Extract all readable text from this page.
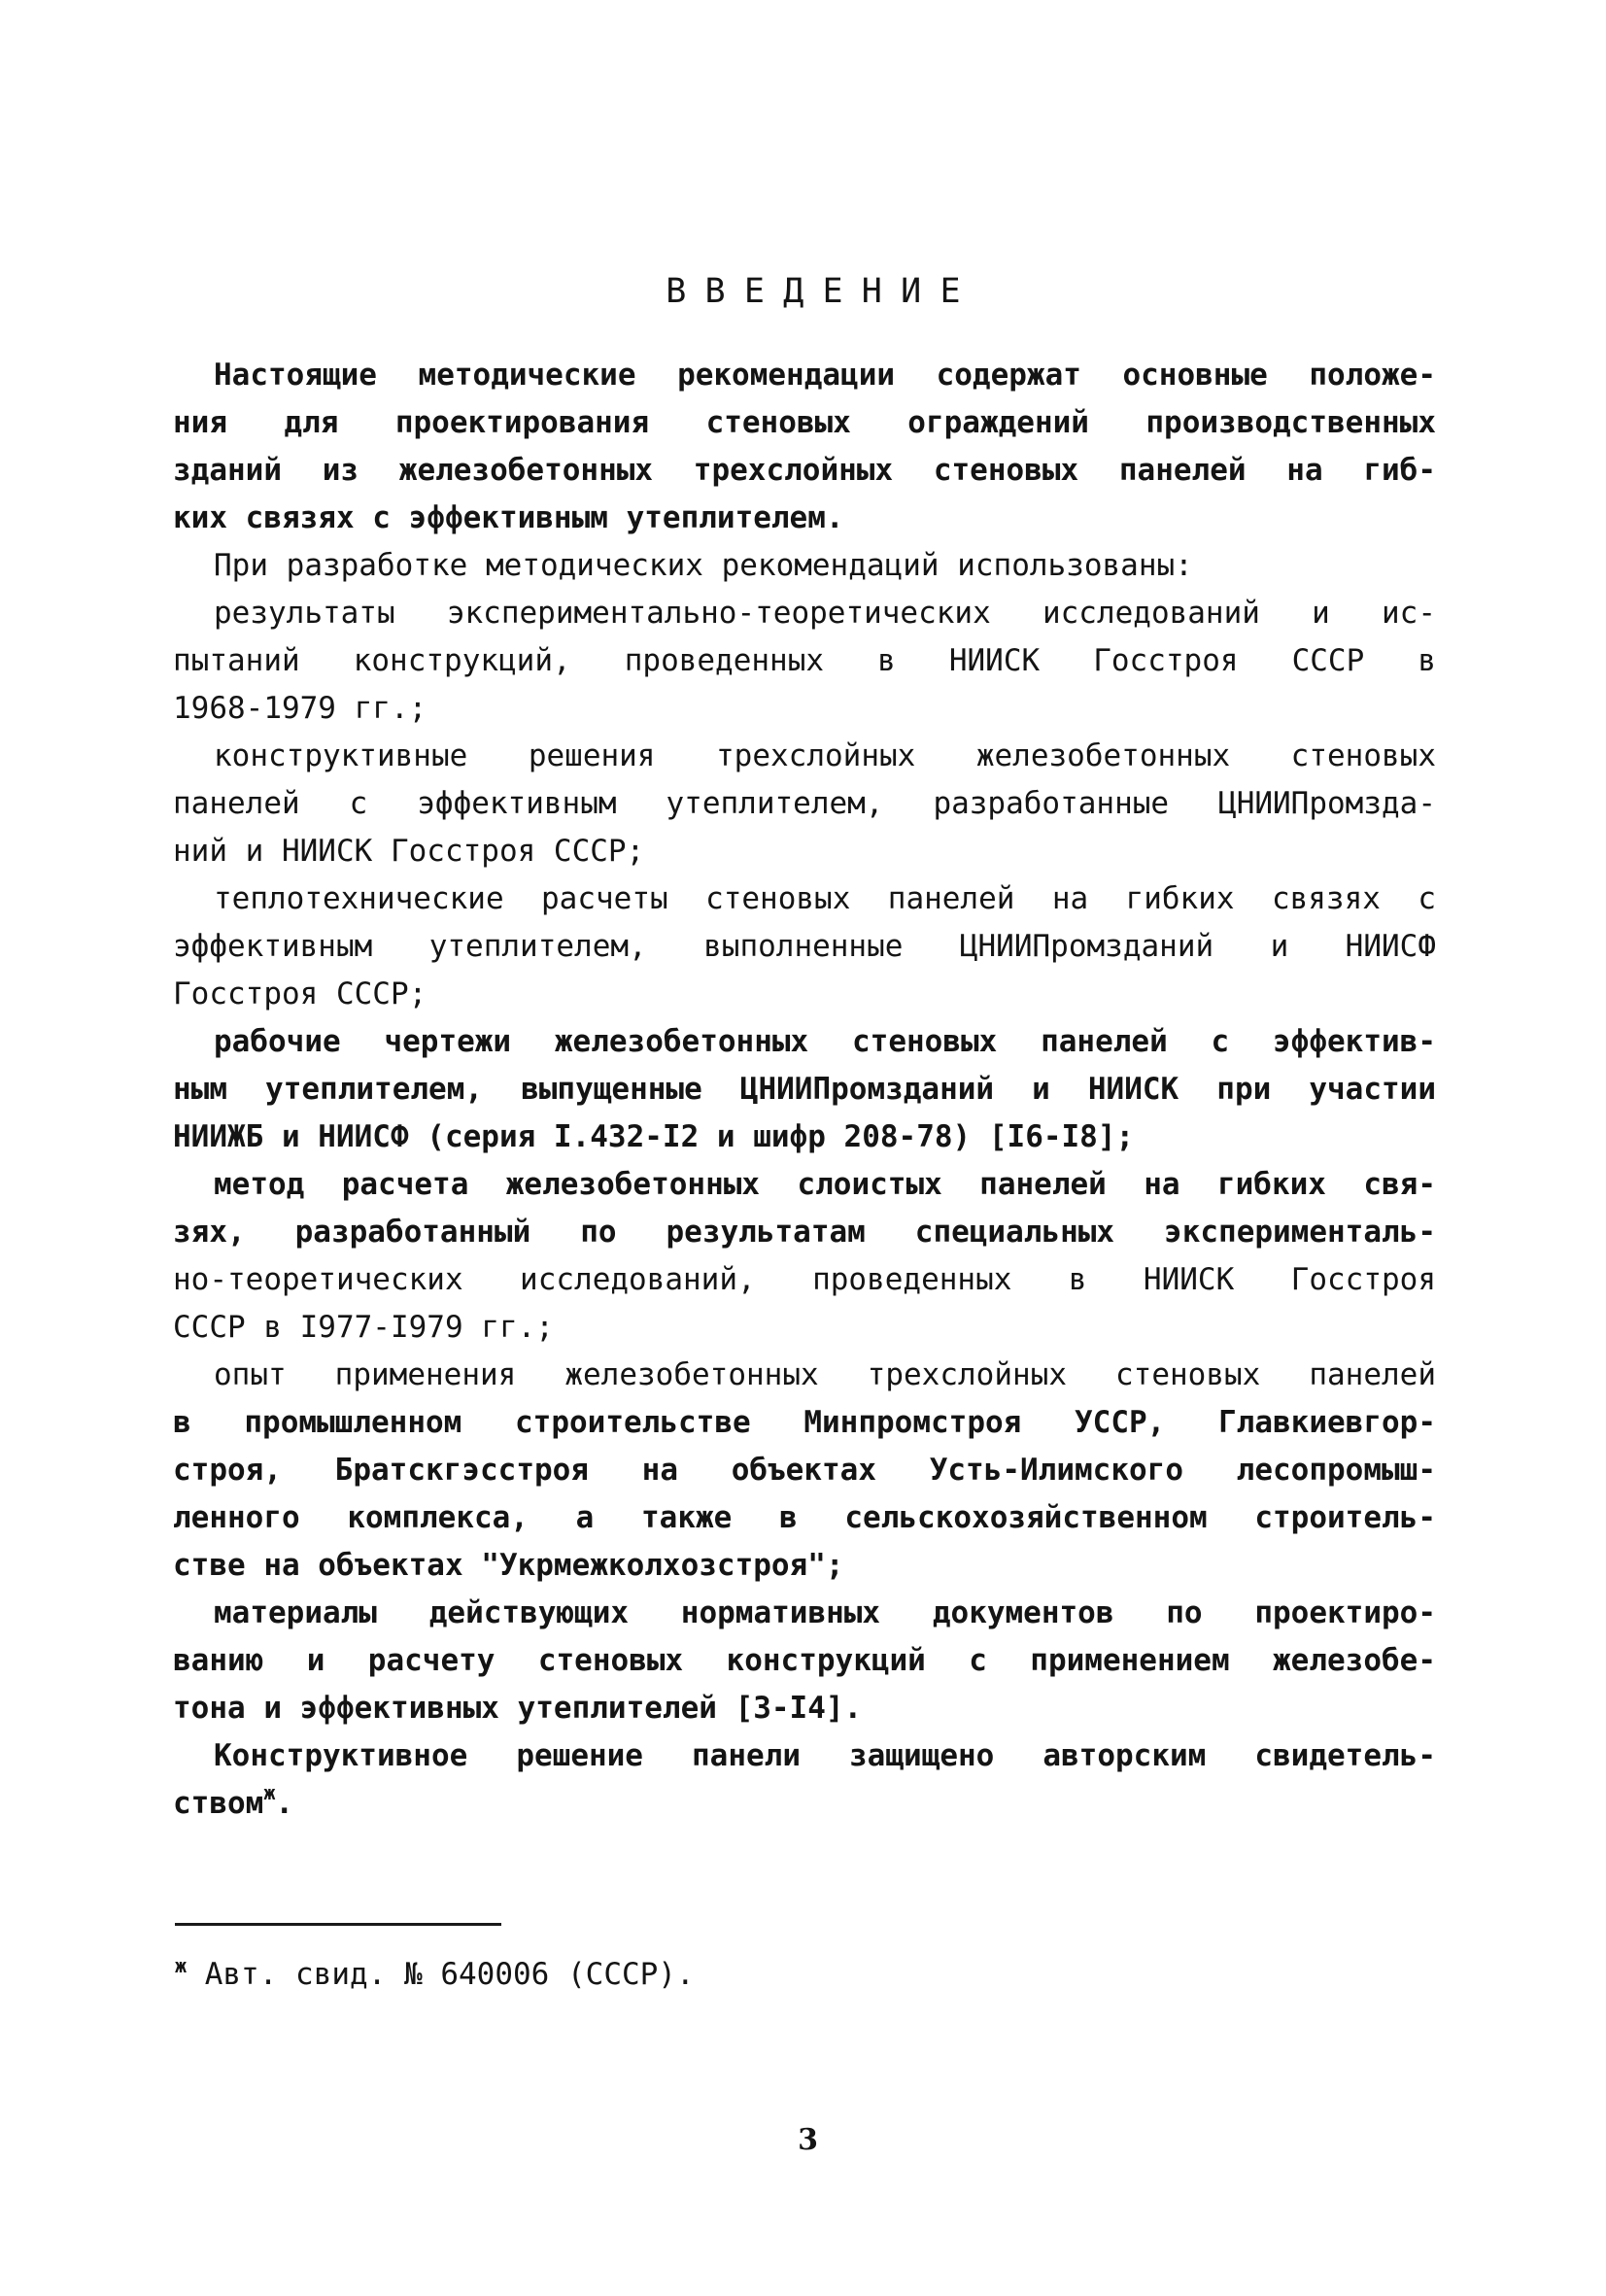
ВВЕДЕНИЕ
Настоящие методические рекомендации содержат основные положе-
ния для проектирования стеновых ограждений производственных
зданий из железобетонных трехслойных стеновых панелей на гиб-
ких связях с эффективным утеплителем.
При разработке методических рекомендаций использованы:
результаты экспериментально-теоретических исследований и ис-
пытаний конструкций, проведенных в НИИСК Госстроя СССР в
1968-1979 гг.;
конструктивные решения трехслойных железобетонных стеновых
панелей с эффективным утеплителем, разработанные ЦНИИПромзда-
ний и НИИСК Госстроя СССР;
теплотехнические расчеты стеновых панелей на гибких связях с
эффективным утеплителем, выполненные ЦНИИПромзданий и НИИСФ
Госстроя СССР;
рабочие чертежи железобетонных стеновых панелей с эффектив-
ным утеплителем, выпущенные ЦНИИПромзданий и НИИСК при участии
НИИЖБ и НИИСФ (серия I.432-I2 и шифр 208-78) [I6-I8];
метод расчета железобетонных слоистых панелей на гибких свя-
зях, разработанный по результатам специальных эксперименталь-
но-теоретических исследований, проведенных в НИИСК Госстроя
СССР в I977-I979 гг.;
опыт применения железобетонных трехслойных стеновых панелей
в промышленном строительстве Минпромстроя УССР, Главкиевгор-
строя, Братскгэсстроя на объектах Усть-Илимского лесопромыш-
ленного комплекса, а также в сельскохозяйственном строитель-
стве на объектах "Укрмежколхозстроя";
материалы действующих нормативных документов по проектиро-
ванию и расчету стеновых конструкций с применением железобе-
тона и эффективных утеплителей [3-I4].
Конструктивное решение панели защищено авторским свидетель-
ством$^ж$.
$^ж$ Авт. свид. № 640006 (СССР).
3
